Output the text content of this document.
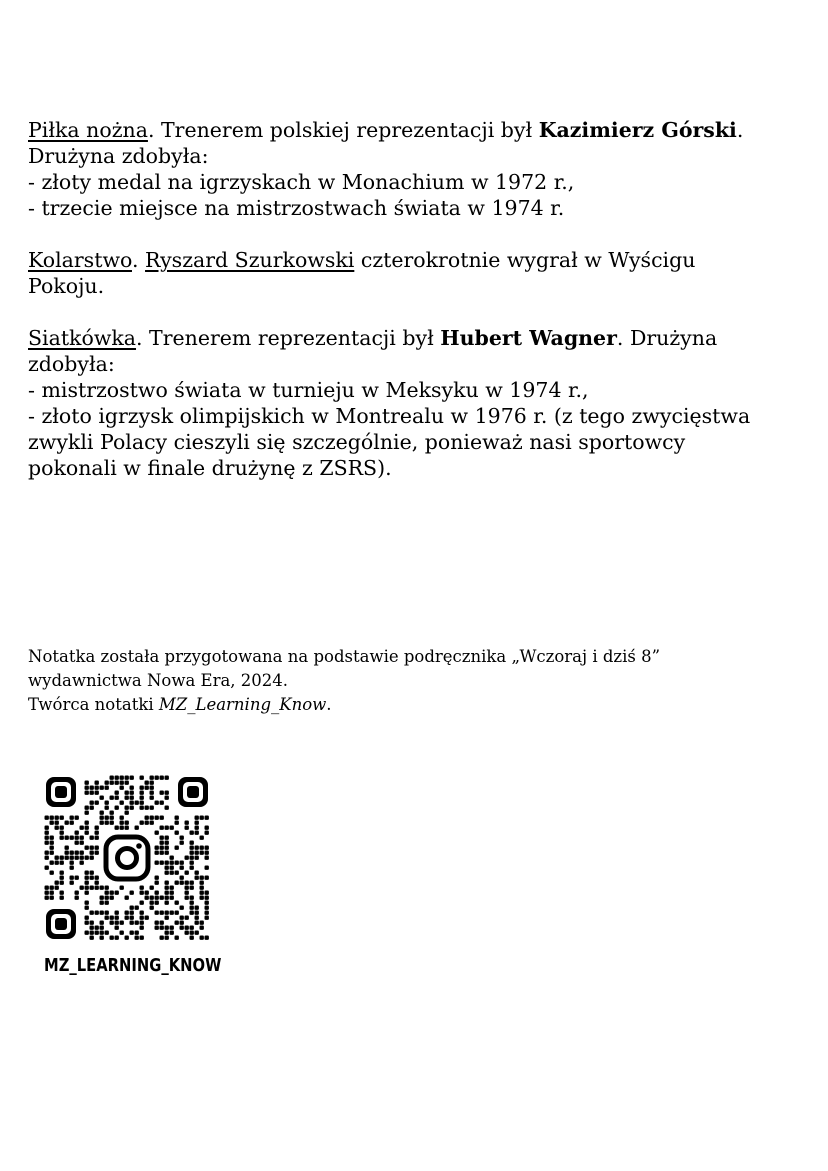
Piłka nożna. Trenerem polskiej reprezentacji był Kazimierz Górski.

Drużyna zdobyła:

- złoty medal na igrzyskach w Monachium w 1972 r.,

- trzecie miejsce na mistrzostwach świata w 1974 r.

Kolarstwo. Ryszard Szurkowski czterokrotnie wygrał w Wyścigu

Pokoju.

Siatkówka. Trenerem reprezentacji był Hubert Wagner. Drużyna

zdobyła:

- mistrzostwo świata w turnieju w Meksyku w 1974 r.,

- złoto igrzysk olimpijskich w Montrealu w 1976 r. (z tego zwycięstwa

zwykli Polacy cieszyli się szczególnie, ponieważ nasi sportowcy

pokonali w finale drużynę z ZSRS).

Notatka została przygotowana na podstawie podręcznika „Wczoraj i dziś 8”

wydawnictwa Nowa Era, 2024.

Twórca notatki MZ_Learning_Know.

MZ_LEARNING_KNOW
